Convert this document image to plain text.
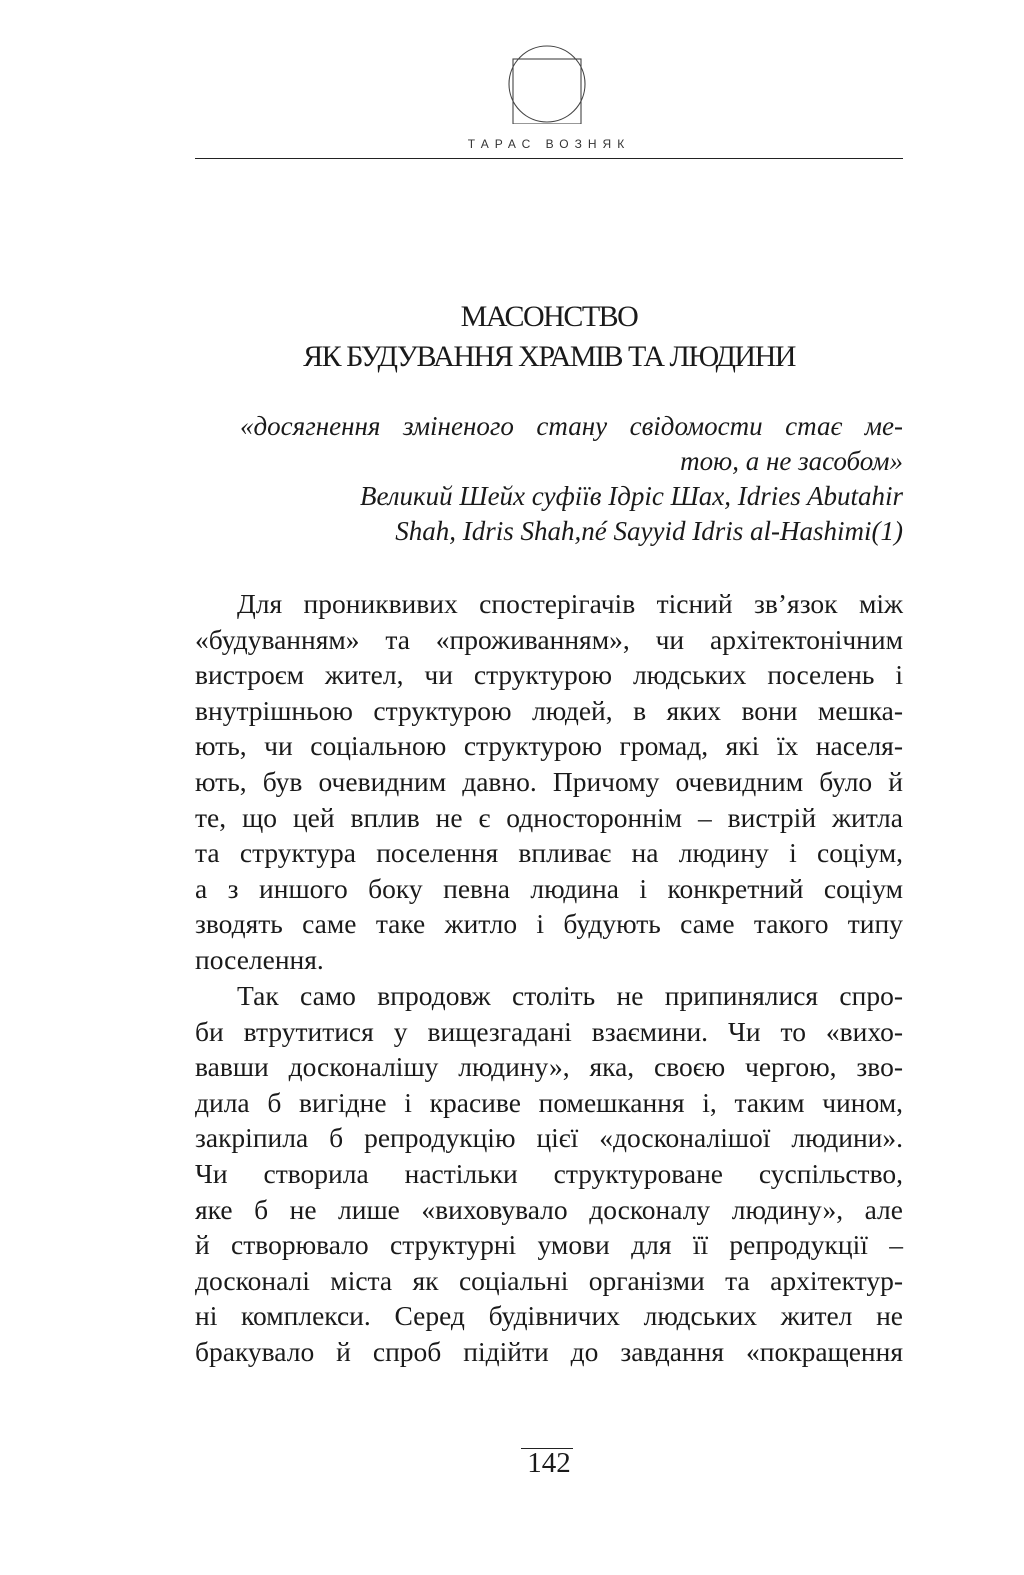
ТАРАС ВОЗНЯК
МАСОНСТВО
ЯК БУДУВАННЯ ХРАМІВ ТА ЛЮДИНИ
«досягнення зміненого стану свідомости стає ме-
тою, а не засобом»
Великий Шейх суфіїв Ідріс Шах, Idries Abutahir
Shah, Idris Shah,né Sayyid Idris al-Hashimi(1)
Для прониквивих спостерігачів тісний зв’язок між
«будуванням» та «проживанням», чи архітектонічним
вистроєм жител, чи структурою людських поселень і
внутрішньою структурою людей, в яких вони мешка-
ють, чи соціальною структурою громад, які їх населя-
ють, був очевидним давно. Причому очевидним було й
те, що цей вплив не є одностороннім – вистрій житла
та структура поселення впливає на людину і соціум,
а з иншого боку певна людина і конкретний соціум
зводять саме таке житло і будують саме такого типу
поселення.
Так само впродовж століть не припинялися спро-
би втрутитися у вищезгадані взаємини. Чи то «вихо-
вавши досконалішу людину», яка, своєю чергою, зво-
дила б вигідне і красиве помешкання і, таким чином,
закріпила б репродукцію цієї «досконалішої людини».
Чи створила настільки структуроване суспільство,
яке б не лише «виховувало досконалу людину», але
й створювало структурні умови для її репродукції –
досконалі міста як соціальні організми та архітектур-
ні комплекси. Серед будівничих людських жител не
бракувало й спроб підійти до завдання «покращення
142
